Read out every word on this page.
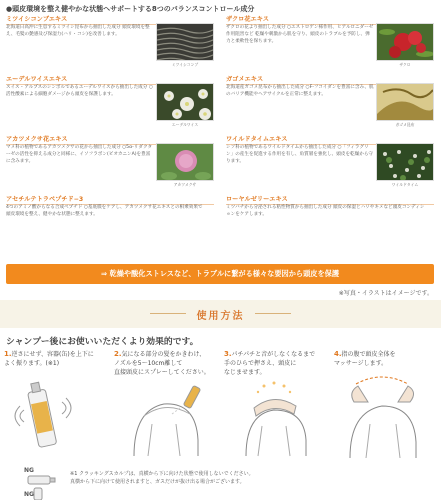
●頭皮環境を整え健やかな状態へサポートする8つのバランスコントロール成分
ミツイシコンブエキス
北海道日高沖に生息するミツイシ昆布から抽出した成分 頭皮環境を整え、毛髪の艶感及び保湿力(ハリ・コシ)を改善します。
ミツイシコンブ
ザクロ花エキス
ザクロの花より抽出した成分 ○エストロゲン様作用、ヒアルロニダーゼ作用阻害など 乾燥や刺激から肌を守り、頭皮のトラブルを予防し、弾力と柔軟性を保ちます。
ザクロ
エーデルワイスエキス
スイス・アルプスのシンボルであるエーデルワイスから抽出した成分 ○活性酸素による細胞ダメージから頭皮を保護します。
エーデルワイス
ガゴメエキス
北海道産ガゴメ昆布から抽出した成分 ○F-フコイダンを豊富に含み、肌のバリア機能やヘアサイクルを正常に整えます。
ガゴメ昆布
アカツメクサ花エキス
マメ科の植物であるアカツメクサの花から抽出した成分 ○5α-リダクターゼの活性を抑える成分と同様に、イソフラボン(ビオカニンA)を豊富に含みます。
アカツメクサ
ワイルドタイムエキス
シソ科の植物であるワイルドタイムから抽出した成分 ○「フィラグリン」の産生を促進する作用を有し、角質層を強化し、頭皮を乾燥から守ります。
ワイルドタイム
アセチルテトラペプチド−3
4つのアミノ酸からなる合成ペプチド ○基底膜をケアし、アカツメクサ花エキスとの相乗効果で頭皮環境を整え、健やかな状態に整えます。
ローヤルゼリーエキス
ミツバチから分泌される粘性物質から抽出した成分 頭皮の保湿とハリやキメなど頭皮コンディションをケアします。
⇒ 乾燥や酸化ストレスなど、トラブルに繋がる様々な要因から頭皮を保護
※写真・イラストはイメージです。
使用方法
シャンプー後にお使いいただくより効果的です。
1.逆さにせず、容器(缶)を上下に
よく振ります。(※1)
2.気になる部分の髪をかきわけ、
ノズルを5〜10cm離して
直接頭皮にスプレーしてください。
3.パチパチと音がしなくなるまで
手のひらで押さえ、頭皮に
なじませます。
4.指の腹で頭皮全体を
マッサージします。
NG
NG
※1 クラッキングスカルプは、真横から下に向けた状態で使用しないでください。
真横から下に向けて使用されますと、ガスだけが抜け出る場合がございます。
